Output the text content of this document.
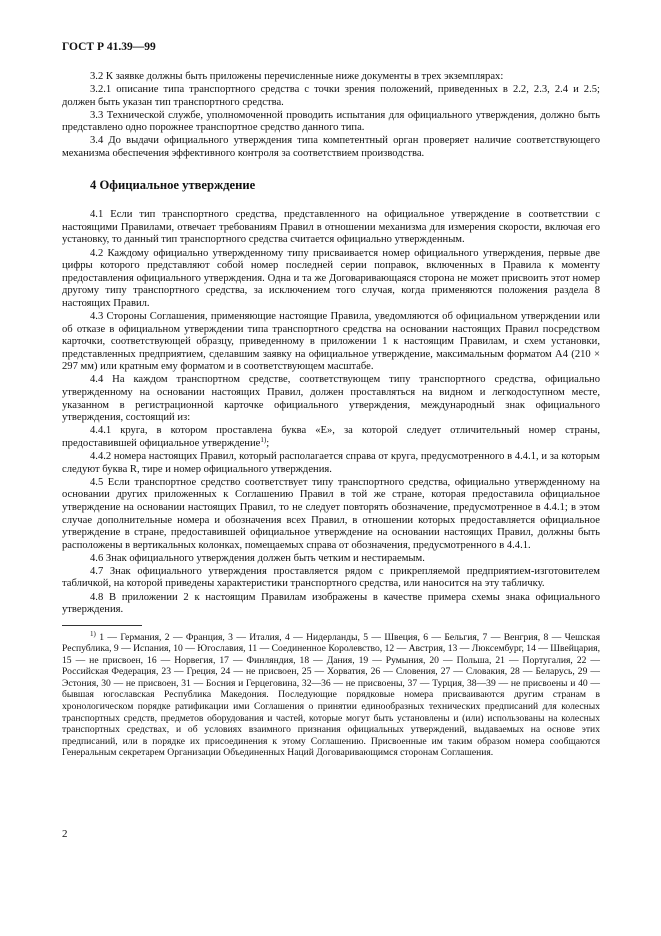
ГОСТ Р 41.39—99

3.2 К заявке должны быть приложены перечисленные ниже документы в трех экземплярах:

3.2.1 описание типа транспортного средства с точки зрения положений, приведенных в 2.2, 2.3, 2.4 и 2.5; должен быть указан тип транспортного средства.

3.3 Технической службе, уполномоченной проводить испытания для официального утверждения, должно быть представлено одно порожнее транспортное средство данного типа.

3.4 До выдачи официального утверждения типа компетентный орган проверяет наличие соответствующего механизма обеспечения эффективного контроля за соответствием производства.

4 Официальное утверждение

4.1 Если тип транспортного средства, представленного на официальное утверждение в соответствии с настоящими Правилами, отвечает требованиям Правил в отношении механизма для измерения скорости, включая его установку, то данный тип транспортного средства считается официально утвержденным.

4.2 Каждому официально утвержденному типу присваивается номер официального утверждения, первые две цифры которого представляют собой номер последней серии поправок, включенных в Правила к моменту предоставления официального утверждения. Одна и та же Договаривающаяся сторона не может присвоить этот номер другому типу транспортного средства, за исключением того случая, когда применяются положения раздела 8 настоящих Правил.

4.3 Стороны Соглашения, применяющие настоящие Правила, уведомляются об официальном утверждении или об отказе в официальном утверждении типа транспортного средства на основании настоящих Правил посредством карточки, соответствующей образцу, приведенному в приложении 1 к настоящим Правилам, и схем установки, представленных предприятием, сделавшим заявку на официальное утверждение, максимальным форматом А4 (210 × 297 мм) или кратным ему форматом и в соответствующем масштабе.

4.4 На каждом транспортном средстве, соответствующем типу транспортного средства, официально утвержденному на основании настоящих Правил, должен проставляться на видном и легкодоступном месте, указанном в регистрационной карточке официального утверждения, международный знак официального утверждения, состоящий из:

4.4.1 круга, в котором проставлена буква «Е», за которой следует отличительный номер страны, предоставившей официальное утверждение$^{1)}$;

4.4.2 номера настоящих Правил, который располагается справа от круга, предусмотренного в 4.4.1, и за которым следуют буква R, тире и номер официального утверждения.

4.5 Если транспортное средство соответствует типу транспортного средства, официально утвержденному на основании других приложенных к Соглашению Правил в той же стране, которая предоставила официальное утверждение на основании настоящих Правил, то не следует повторять обозначение, предусмотренное в 4.4.1; в этом случае дополнительные номера и обозначения всех Правил, в отношении которых предоставляется официальное утверждение в стране, предоставившей официальное утверждение на основании настоящих Правил, должны быть расположены в вертикальных колонках, помещаемых справа от обозначения, предусмотренного в 4.4.1.

4.6 Знак официального утверждения должен быть четким и нестираемым.

4.7 Знак официального утверждения проставляется рядом с прикрепляемой предприятием-изготовителем табличкой, на которой приведены характеристики транспортного средства, или наносится на эту табличку.

4.8 В приложении 2 к настоящим Правилам изображены в качестве примера схемы знака официального утверждения.

$^{1)}$ 1 — Германия, 2 — Франция, 3 — Италия, 4 — Нидерланды, 5 — Швеция, 6 — Бельгия, 7 — Венгрия, 8 — Чешская Республика, 9 — Испания, 10 — Югославия, 11 — Соединенное Королевство, 12 — Австрия, 13 — Люксембург, 14 — Швейцария, 15 — не присвоен, 16 — Норвегия, 17 — Финляндия, 18 — Дания, 19 — Румыния, 20 — Польша, 21 — Португалия, 22 — Российская Федерация, 23 — Греция, 24 — не присвоен, 25 — Хорватия, 26 — Словения, 27 — Словакия, 28 — Беларусь, 29 — Эстония, 30 — не присвоен, 31 — Босния и Герцеговина, 32—36 — не присвоены, 37 — Турция, 38—39 — не присвоены и 40 — бывшая югославская Республика Македония. Последующие порядковые номера присваиваются другим странам в хронологическом порядке ратификации ими Соглашения о принятии единообразных технических предписаний для колесных транспортных средств, предметов оборудования и частей, которые могут быть установлены и (или) использованы на колесных транспортных средствах, и об условиях взаимного признания официальных утверждений, выдаваемых на основе этих предписаний, или в порядке их присоединения к этому Соглашению. Присвоенные им таким образом номера сообщаются Генеральным секретарем Организации Объединенных Наций Договаривающимся сторонам Соглашения.

2
